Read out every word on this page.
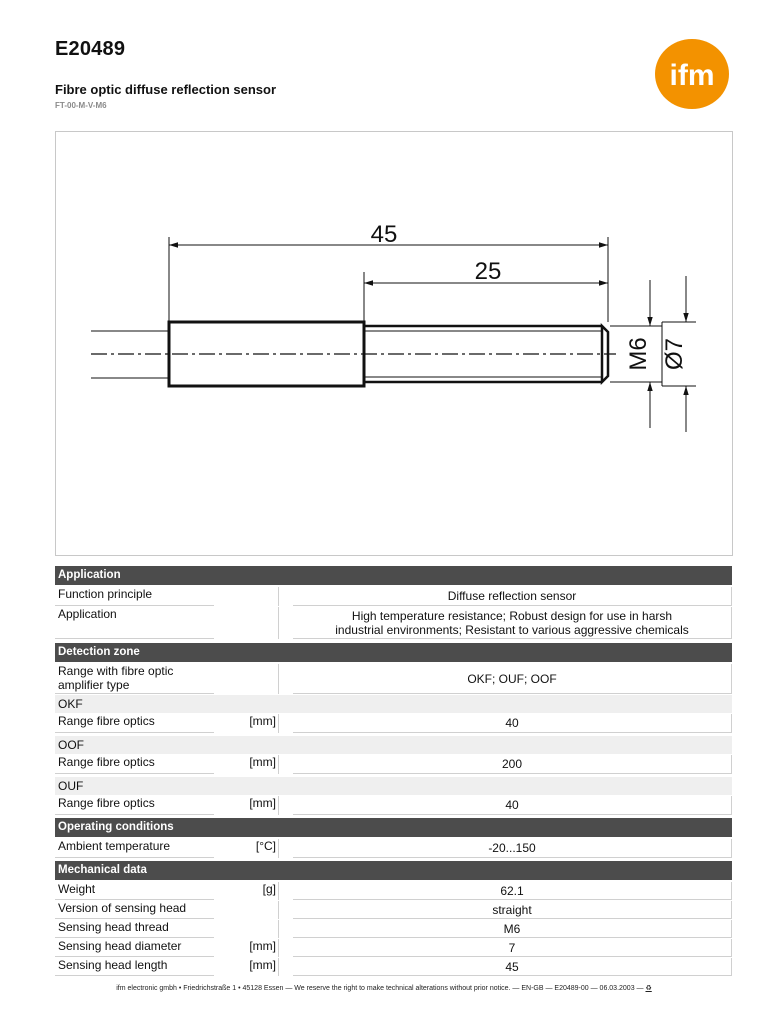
E20489
Fibre optic diffuse reflection sensor
FT-00-M-V-M6
ifm
45
25
M6 Ø7
Application
Function principle	Diffuse reflection sensor
Application	High temperature resistance; Robust design for use in harsh
industrial environments; Resistant to various aggressive chemicals
Detection zone
Range with fibre optic
amplifier type	OKF; OUF; OOF
OKF
Range fibre optics	[mm]	40
OOF
Range fibre optics	[mm]	200
OUF
Range fibre optics	[mm]	40
Operating conditions
Ambient temperature	[°C]	-20...150
Mechanical data
Weight	[g]	62.1
Version of sensing head	straight
Sensing head thread	M6
Sensing head diameter	[mm]	7
Sensing head length	[mm]	45
ifm electronic gmbh • Friedrichstraße 1 • 45128 Essen — We reserve the right to make technical alterations without prior notice. — EN-GB — E20489-00 — 06.03.2003 — ♻
